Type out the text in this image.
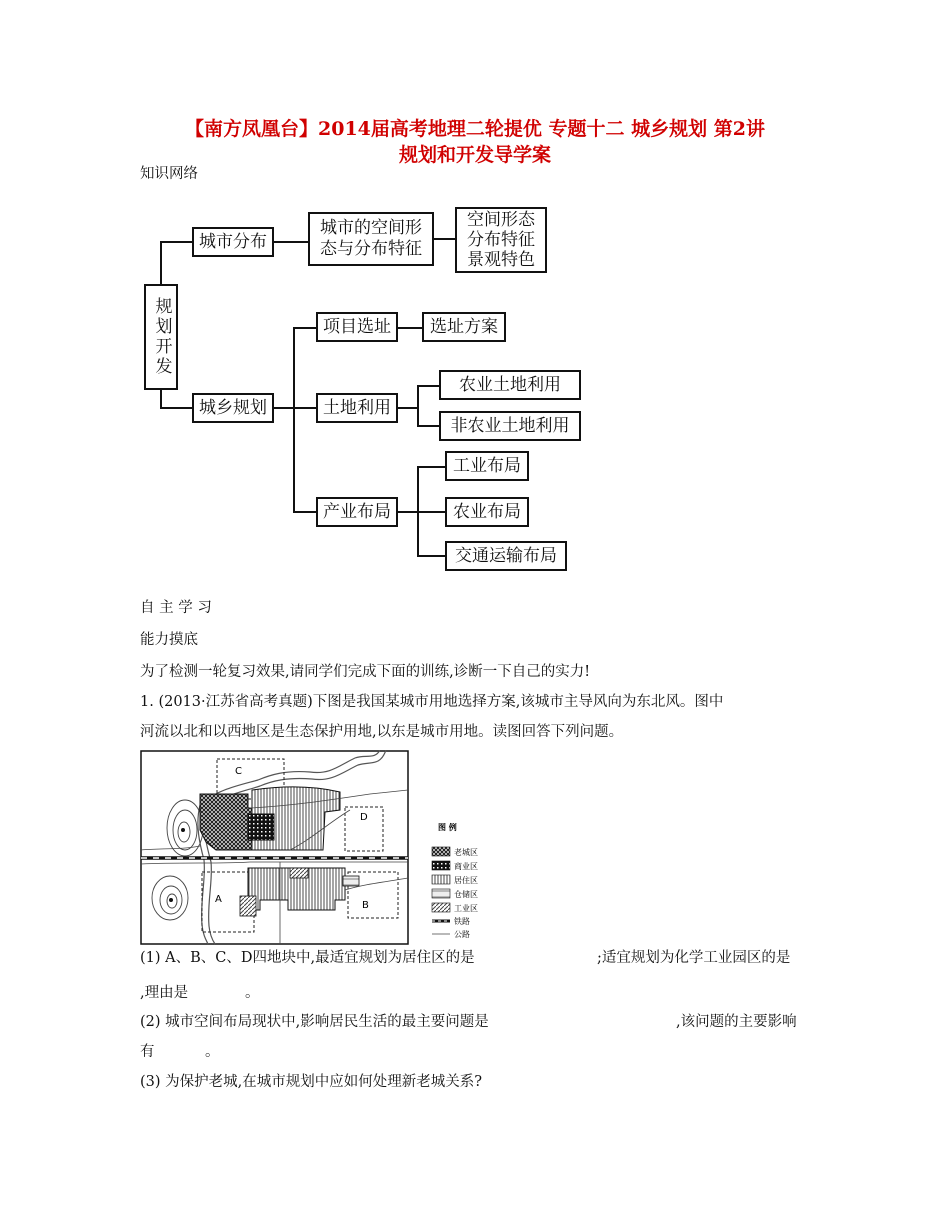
【南方凤凰台】2014届高考地理二轮提优 专题十二 城乡规划 第2讲
规划和开发导学案
知识网络
规划开发
城市分布
城市的空间形态与分布特征
空间形态
分布特征
景观特色
城乡规划
项目选址	选址方案
土地利用
农业土地利用
非农业土地利用
产业布局
工业布局
农业布局
交通运输布局
自 主 学 习
能力摸底
为了检测一轮复习效果,请同学们完成下面的训练,诊断一下自己的实力!
1. (2013·江苏省高考真题)下图是我国某城市用地选择方案,该城市主导风向为东北风。图中
河流以北和以西地区是生态保护用地,以东是城市用地。读图回答下列问题。
C
D
A
B
图 例
老城区
商业区
居住区
仓储区
工业区
铁路
公路
(1) A、B、C、D四地块中,最适宜规划为居住区的是	;适宜规划为化学工业园区的是
,理由是	。
(2) 城市空间布局现状中,影响居民生活的最主要问题是	,该问题的主要影响
有	。
(3) 为保护老城,在城市规划中应如何处理新老城关系?
